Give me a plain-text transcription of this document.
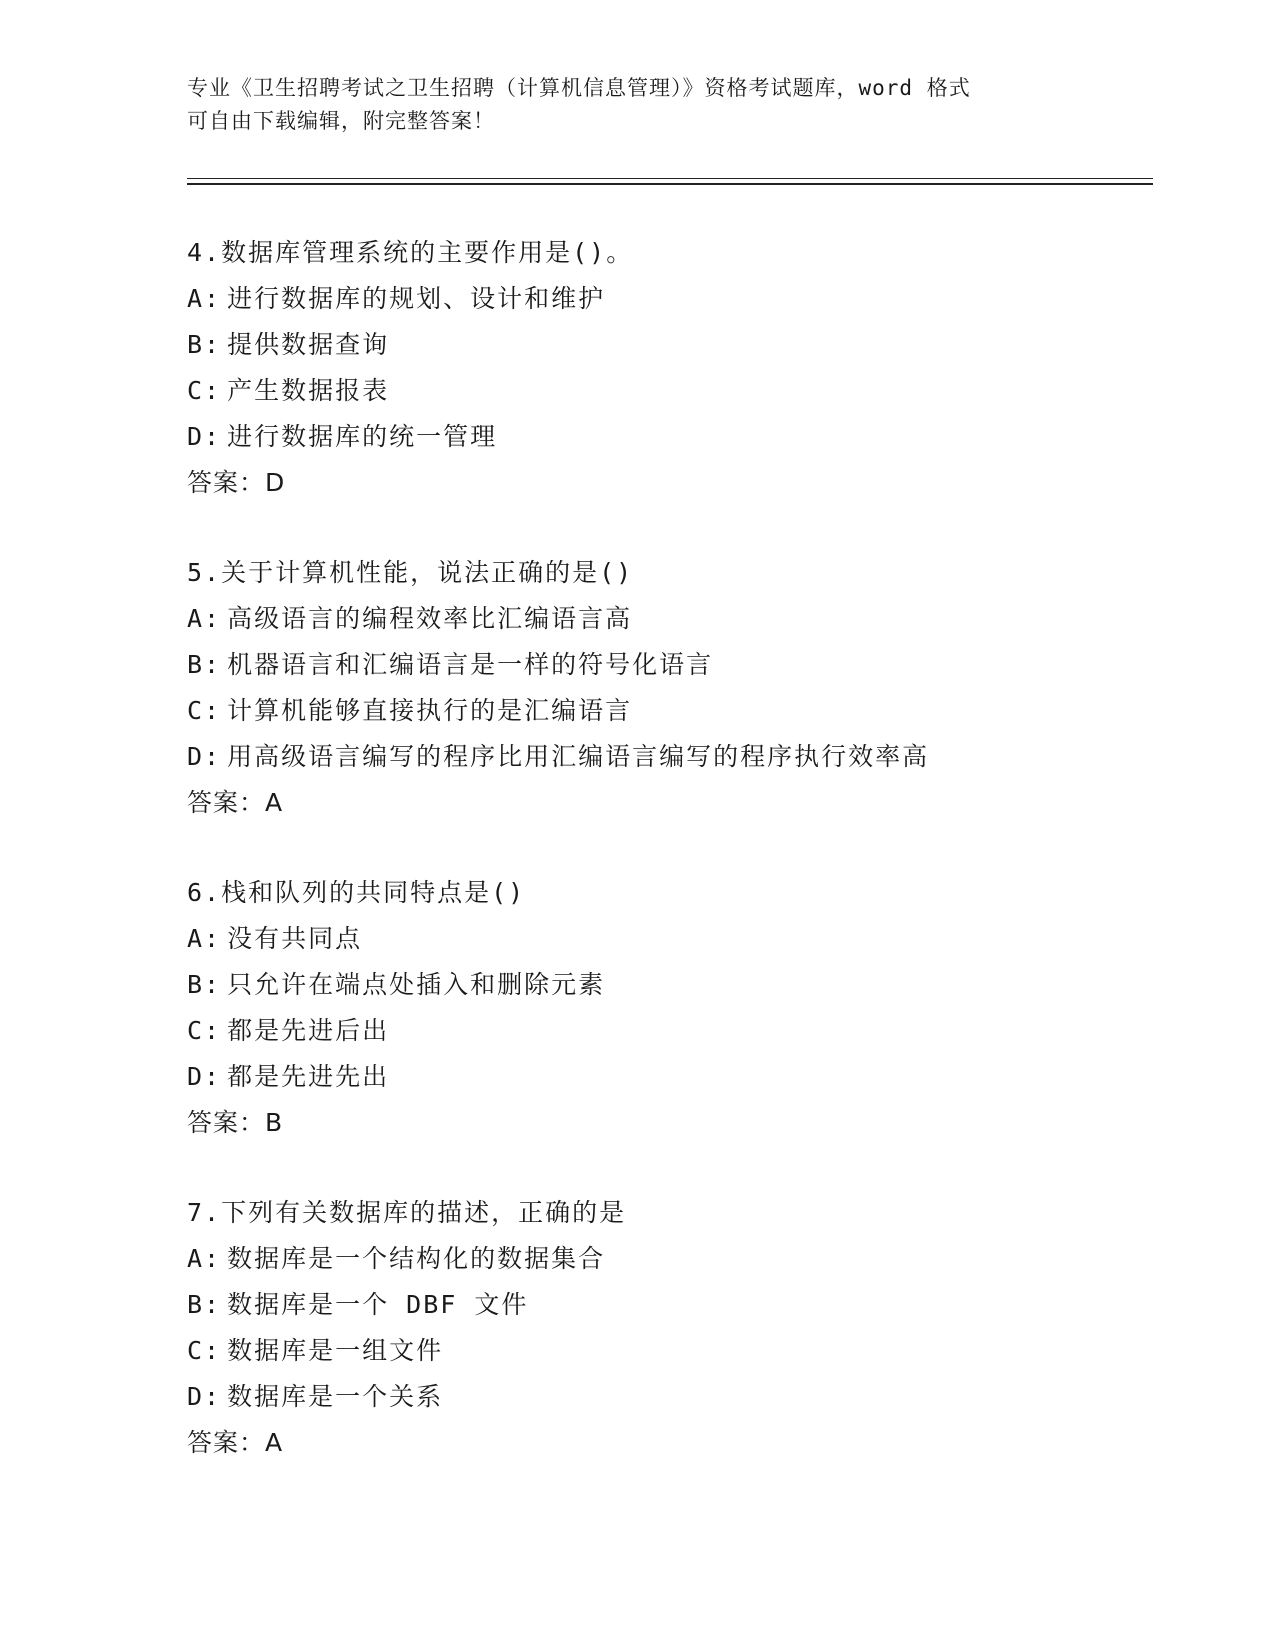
专业《卫生招聘考试之卫生招聘（计算机信息管理）》资格考试题库，word 格式
可自由下载编辑，附完整答案！
4.数据库管理系统的主要作用是()。
A: 进行数据库的规划、设计和维护
B: 提供数据查询
C: 产生数据报表
D: 进行数据库的统一管理
答案：D
5.关于计算机性能，说法正确的是()
A: 高级语言的编程效率比汇编语言高
B: 机器语言和汇编语言是一样的符号化语言
C: 计算机能够直接执行的是汇编语言
D: 用高级语言编写的程序比用汇编语言编写的程序执行效率高
答案：A
6.栈和队列的共同特点是()
A: 没有共同点
B: 只允许在端点处插入和删除元素
C: 都是先进后出
D: 都是先进先出
答案：B
7.下列有关数据库的描述，正确的是
A: 数据库是一个结构化的数据集合
B: 数据库是一个 DBF 文件
C: 数据库是一组文件
D: 数据库是一个关系
答案：A
